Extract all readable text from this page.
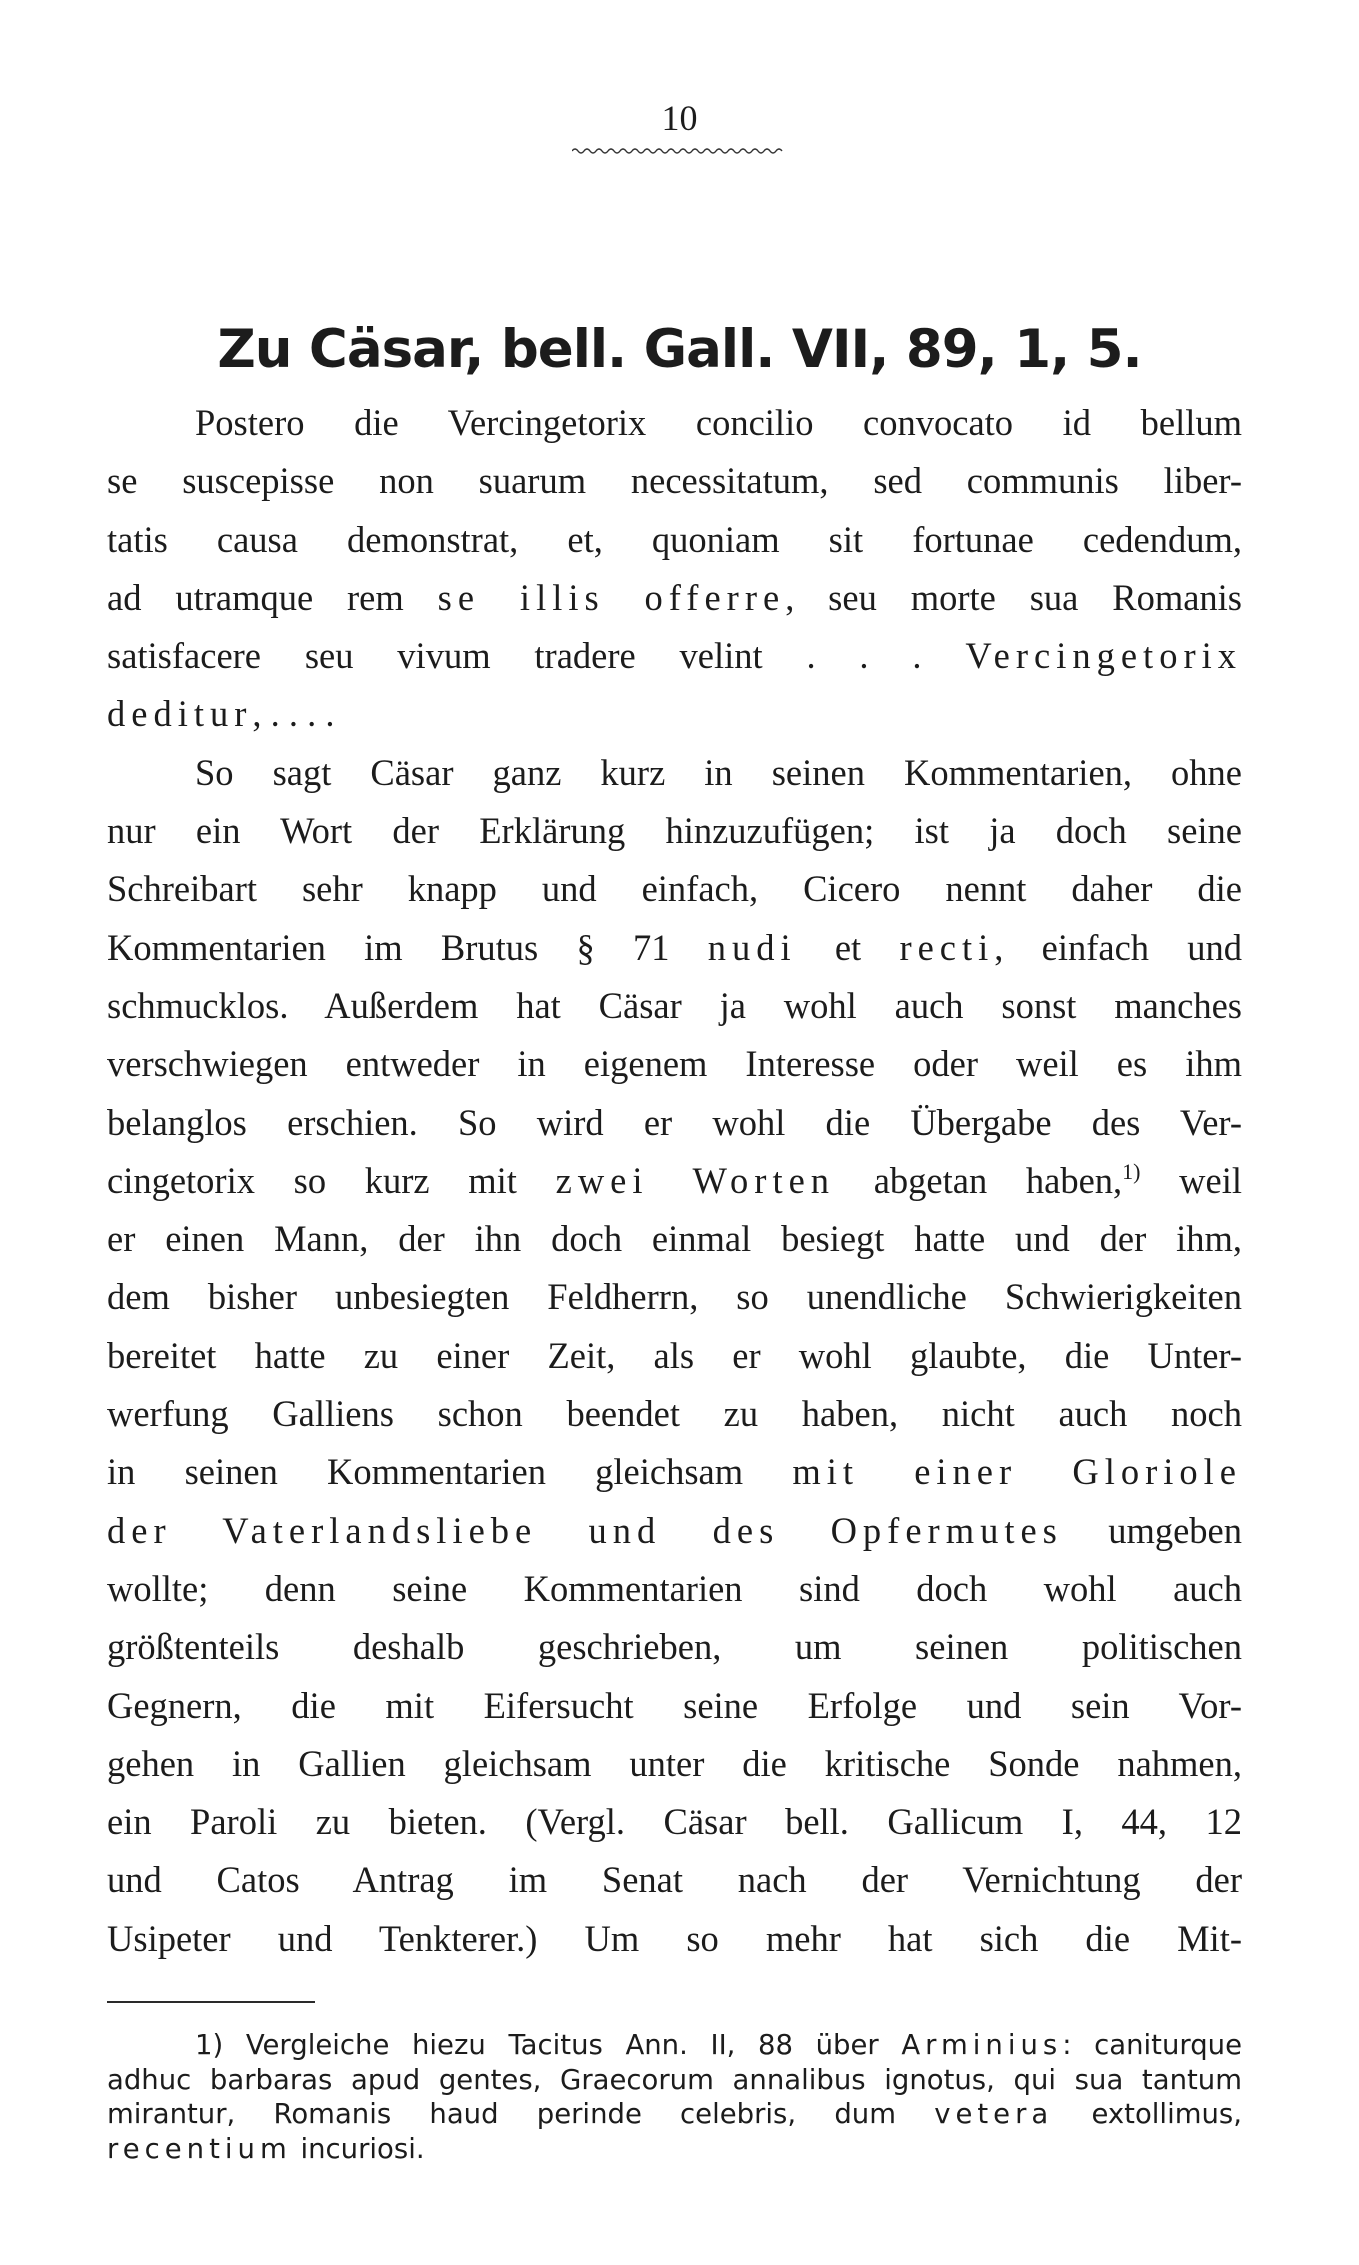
10
Zu Cäsar, bell. Gall. VII, 89, 1, 5.
Postero die Vercingetorix concilio convocato id bellum
se suscepisse non suarum necessitatum, sed communis liber-
tatis causa demonstrat, et, quoniam sit fortunae cedendum,
ad utramque rem se illis offerre, seu morte sua Romanis
satisfacere seu vivum tradere velint . . . Vercingetorix
deditur, . . . .
So sagt Cäsar ganz kurz in seinen Kommentarien, ohne
nur ein Wort der Erklärung hinzuzufügen; ist ja doch seine
Schreibart sehr knapp und einfach, Cicero nennt daher die
Kommentarien im Brutus § 71 nudi et recti, einfach und
schmucklos. Außerdem hat Cäsar ja wohl auch sonst manches
verschwiegen entweder in eigenem Interesse oder weil es ihm
belanglos erschien. So wird er wohl die Übergabe des Ver-
cingetorix so kurz mit zwei Worten abgetan haben,$^{1)}$ weil
er einen Mann, der ihn doch einmal besiegt hatte und der ihm,
dem bisher unbesiegten Feldherrn, so unendliche Schwierigkeiten
bereitet hatte zu einer Zeit, als er wohl glaubte, die Unter-
werfung Galliens schon beendet zu haben, nicht auch noch
in seinen Kommentarien gleichsam mit einer Gloriole
der Vaterlandsliebe und des Opfermutes umgeben
wollte; denn seine Kommentarien sind doch wohl auch
größtenteils deshalb geschrieben, um seinen politischen
Gegnern, die mit Eifersucht seine Erfolge und sein Vor-
gehen in Gallien gleichsam unter die kritische Sonde nahmen,
ein Paroli zu bieten. (Vergl. Cäsar bell. Gallicum I, 44, 12
und Catos Antrag im Senat nach der Vernichtung der
Usipeter und Tenkterer.) Um so mehr hat sich die Mit-
1) Vergleiche hiezu Tacitus Ann. II, 88 über Arminius: caniturque
adhuc barbaras apud gentes, Graecorum annalibus ignotus, qui sua tantum
mirantur, Romanis haud perinde celebris, dum vetera extollimus,
recentium incuriosi.
